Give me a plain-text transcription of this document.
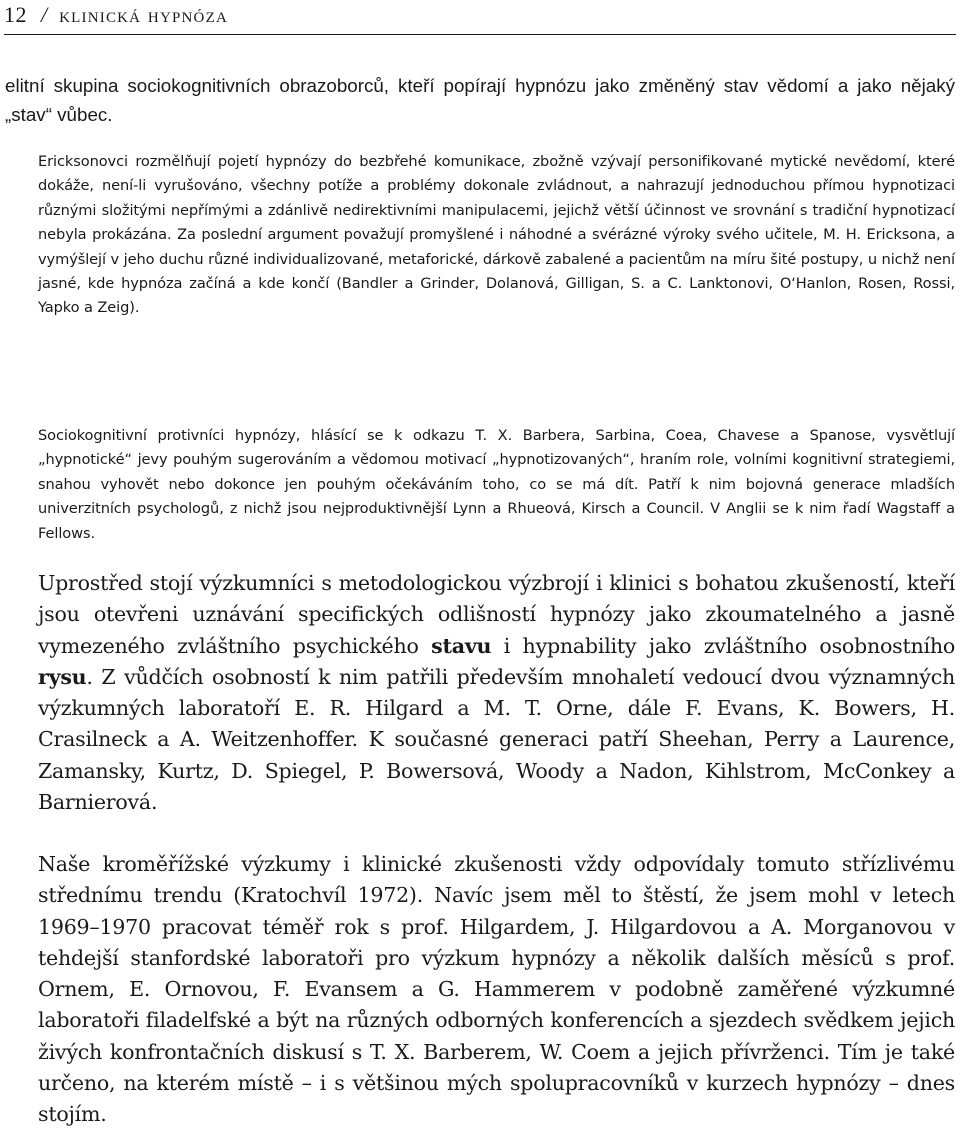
12 / klinická hypnóza

elitní skupina sociokognitivních obrazoborců, kteří popírají hypnózu jako změněný stav vědomí a jako nějaký „stav“ vůbec.

Ericksonovci rozmělňují pojetí hypnózy do bezbřehé komunikace, zbožně vzývají personifikované mytické nevědomí, které dokáže, není-li vyrušováno, všechny potíže a problémy dokonale zvládnout, a nahrazují jednoduchou přímou hypnotizaci různými složitými nepřímými a zdánlivě nedirektivními manipulacemi, jejichž větší účinnost ve srovnání s tradiční hypnotizací nebyla prokázána. Za poslední argument považují promyšlené i náhodné a svérázné výroky svého učitele, M. H. Ericksona, a vymýšlejí v jeho duchu různé individualizované, metaforické, dárkově zabalené a pacientům na míru šité postupy, u nichž není jasné, kde hypnóza začíná a kde končí (Bandler a Grinder, Dolanová, Gilligan, S. a C. Lanktonovi, O‘Hanlon, Rosen, Rossi, Yapko a Zeig).

Sociokognitivní protivníci hypnózy, hlásící se k odkazu T. X. Barbera, Sarbina, Coea, Chavese a Spanose, vysvětlují „hypnotické“ jevy pouhým sugerováním a vědomou motivací „hypnotizovaných“, hraním role, volními kognitivní strategiemi, snahou vyhovět nebo dokonce jen pouhým očekáváním toho, co se má dít. Patří k nim bojovná generace mladších univerzitních psychologů, z nichž jsou nejproduktivnější Lynn a Rhueová, Kirsch a Council. V Anglii se k nim řadí Wagstaff a Fellows.

Uprostřed stojí výzkumníci s metodologickou výzbrojí i klinici s bohatou zkušeností, kteří jsou otevřeni uznávání specifických odlišností hypnózy jako zkoumatelného a jasně vymezeného zvláštního psychického stavu i hypnability jako zvláštního osobnostního rysu. Z vůdčích osobností k nim patřili především mnohaletí vedoucí dvou významných výzkumných laboratoří E. R. Hilgard a M. T. Orne, dále F. Evans, K. Bowers, H. Crasilneck a A. Weitzenhoffer. K současné generaci patří Sheehan, Perry a Laurence, Zamansky, Kurtz, D. Spiegel, P. Bowersová, Woody a Nadon, Kihlstrom, McConkey a Barnierová.

Naše kroměřížské výzkumy i klinické zkušenosti vždy odpovídaly tomuto střízlivému střednímu trendu (Kratochvíl 1972). Navíc jsem měl to štěstí, že jsem mohl v letech 1969–1970 pracovat téměř rok s prof. Hilgardem, J. Hilgardovou a A. Morganovou v tehdejší stanfordské laboratoři pro výzkum hypnózy a několik dalších měsíců s prof. Ornem, E. Ornovou, F. Evansem a G. Hammerem v podobně zaměřené výzkumné laboratoři filadelfské a být na různých odborných konferencích a sjezdech svědkem jejich živých konfrontačních diskusí s T. X. Barberem, W. Coem a jejich přívrženci. Tím je také určeno, na kterém místě – i s většinou mých spolupracovníků v kurzech hypnózy – dnes stojím.
